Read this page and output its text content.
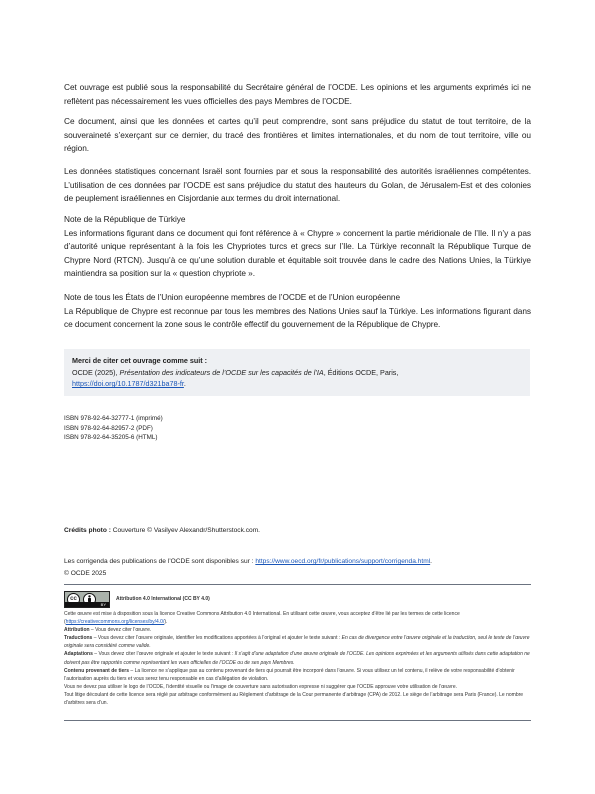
Cet ouvrage est publié sous la responsabilité du Secrétaire général de l’OCDE. Les opinions et les arguments exprimés ici ne reflètent pas nécessairement les vues officielles des pays Membres de l’OCDE.

Ce document, ainsi que les données et cartes qu’il peut comprendre, sont sans préjudice du statut de tout territoire, de la souveraineté s’exerçant sur ce dernier, du tracé des frontières et limites internationales, et du nom de tout territoire, ville ou région.

Les données statistiques concernant Israël sont fournies par et sous la responsabilité des autorités israéliennes compétentes. L’utilisation de ces données par l’OCDE est sans préjudice du statut des hauteurs du Golan, de Jérusalem-Est et des colonies de peuplement israéliennes en Cisjordanie aux termes du droit international.

Note de la République de Türkiye

Les informations figurant dans ce document qui font référence à « Chypre » concernent la partie méridionale de l’Ile. Il n’y a pas d’autorité unique représentant à la fois les Chypriotes turcs et grecs sur l’Ile. La Türkiye reconnaît la République Turque de Chypre Nord (RTCN). Jusqu’à ce qu’une solution durable et équitable soit trouvée dans le cadre des Nations Unies, la Türkiye maintiendra sa position sur la « question chypriote ».

Note de tous les États de l’Union européenne membres de l’OCDE et de l’Union européenne

La République de Chypre est reconnue par tous les membres des Nations Unies sauf la Türkiye. Les informations figurant dans ce document concernent la zone sous le contrôle effectif du gouvernement de la République de Chypre.

Merci de citer cet ouvrage comme suit :
OCDE (2025), Présentation des indicateurs de l’OCDE sur les capacités de l’IA, Éditions OCDE, Paris,
https://doi.org/10.1787/d321ba78-fr.
ISBN 978-92-64-32777-1 (imprimé)
ISBN 978-92-64-82957-2 (PDF)
ISBN 978-92-64-35205-6 (HTML)
Crédits photo : Couverture © Vasilyev Alexandr/Shutterstock.com.
Les corrigenda des publications de l’OCDE sont disponibles sur : https://www.oecd.org/fr/publications/support/corrigenda.html.
© OCDE 2025
cc
BY
Attribution 4.0 International (CC BY 4.0)
Cette œuvre est mise à disposition sous la licence Creative Commons Attribution 4.0 International. En utilisant cette œuvre, vous acceptez d’être lié par les termes de cette licence (https://creativecommons.org/licenses/by/4.0/).
Attribution – Vous devez citer l’œuvre.
Traductions – Vous devez citer l’œuvre originale, identifier les modifications apportées à l’original et ajouter le texte suivant : En cas de divergence entre l’œuvre originale et la traduction, seul le texte de l’œuvre originale sera considéré comme valide.
Adaptations – Vous devez citer l’œuvre originale et ajouter le texte suivant : Il s’agit d’une adaptation d’une œuvre originale de l’OCDE. Les opinions exprimées et les arguments utilisés dans cette adaptation ne doivent pas être rapportés comme représentant les vues officielles de l’OCDE ou de ses pays Membres.
Contenu provenant de tiers – La licence ne s’applique pas au contenu provenant de tiers qui pourrait être incorporé dans l’œuvre. Si vous utilisez un tel contenu, il relève de votre responsabilité d’obtenir l’autorisation auprès du tiers et vous serez tenu responsable en cas d’allégation de violation.
Vous ne devez pas utiliser le logo de l’OCDE, l’identité visuelle ou l’image de couverture sans autorisation expresse ni suggérer que l’OCDE approuve votre utilisation de l’œuvre.
Tout litige découlant de cette licence sera réglé par arbitrage conformément au Règlement d’arbitrage de la Cour permanente d’arbitrage (CPA) de 2012. Le siège de l’arbitrage sera Paris (France). Le nombre d’arbitres sera d’un.
